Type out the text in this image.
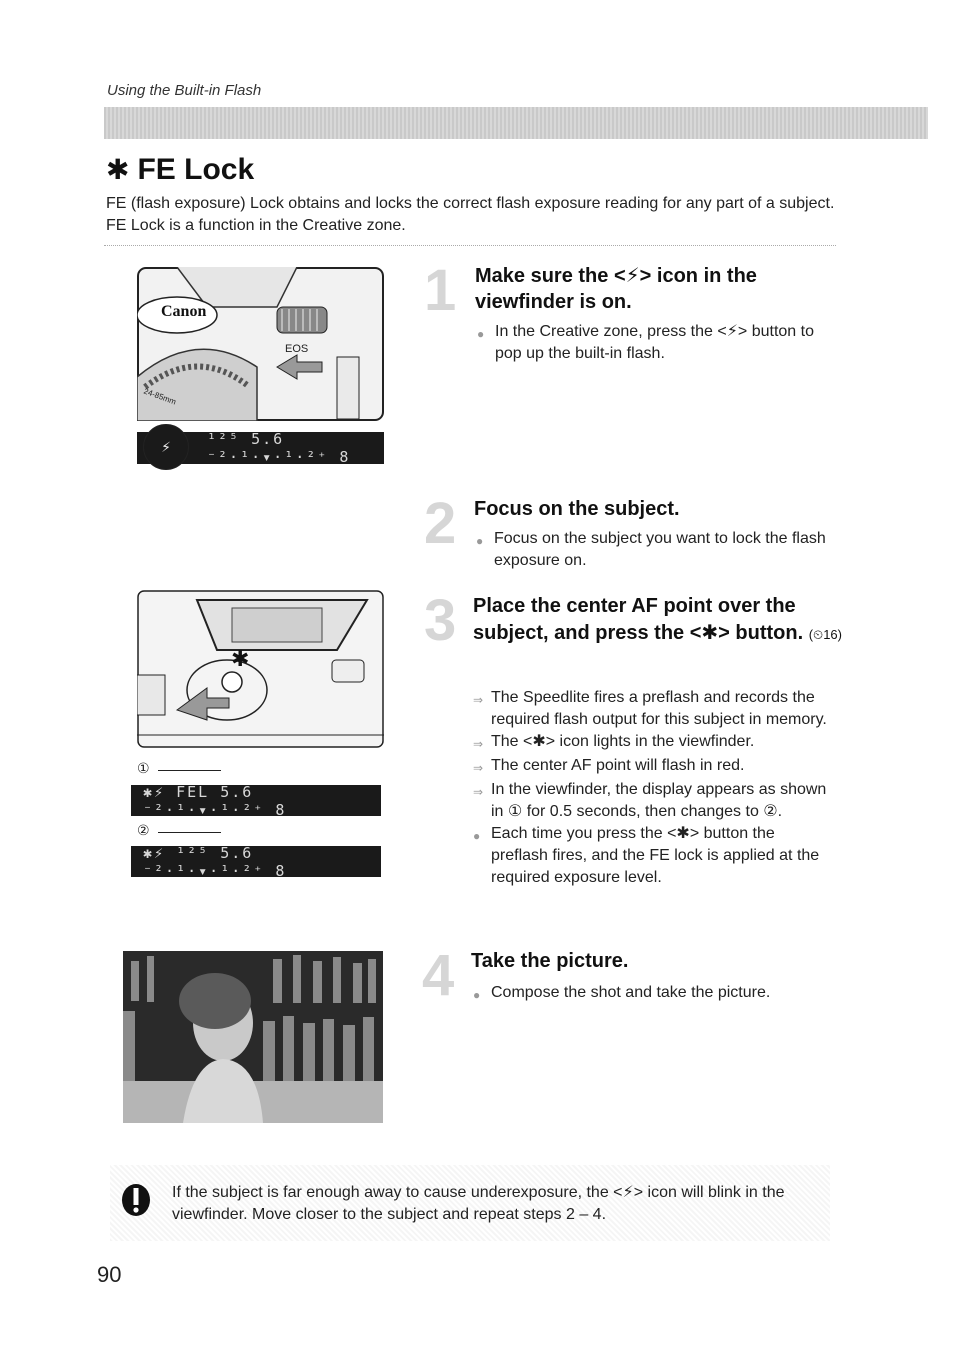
Using the Built-in Flash
✱ FE Lock
FE (flash exposure) Lock obtains and locks the correct flash exposure reading for any part of a subject. FE Lock is a function in the Creative zone.
Canon
EOS
24-85mm
¹²⁵ 5.6 ⁻²·¹·▾·¹·²⁺ 8
⚡
1 Make sure the <⚡> icon in the viewfinder is on.
● In the Creative zone, press the <⚡> button to pop up the built-in flash.
2 Focus on the subject.
● Focus on the subject you want to lock the flash exposure on.
✱
①
✱⚡ FEL 5.6 ⁻²·¹·▾·¹·²⁺ 8
②
✱⚡ ¹²⁵ 5.6 ⁻²·¹·▾·¹·²⁺ 8
3 Place the center AF point over the subject, and press the <✱> button. (⏲16)
⇒ The Speedlite fires a preflash and records the required flash output for this subject in memory.
⇒ The <✱> icon lights in the viewfinder.
⇒ The center AF point will flash in red.
⇒ In the viewfinder, the display appears as shown in ① for 0.5 seconds, then changes to ②.
● Each time you press the <✱> button the preflash fires, and the FE lock is applied at the required exposure level.
4 Take the picture.
● Compose the shot and take the picture.
If the subject is far enough away to cause underexposure, the <⚡> icon will blink in the viewfinder. Move closer to the subject and repeat steps 2 – 4.
90
